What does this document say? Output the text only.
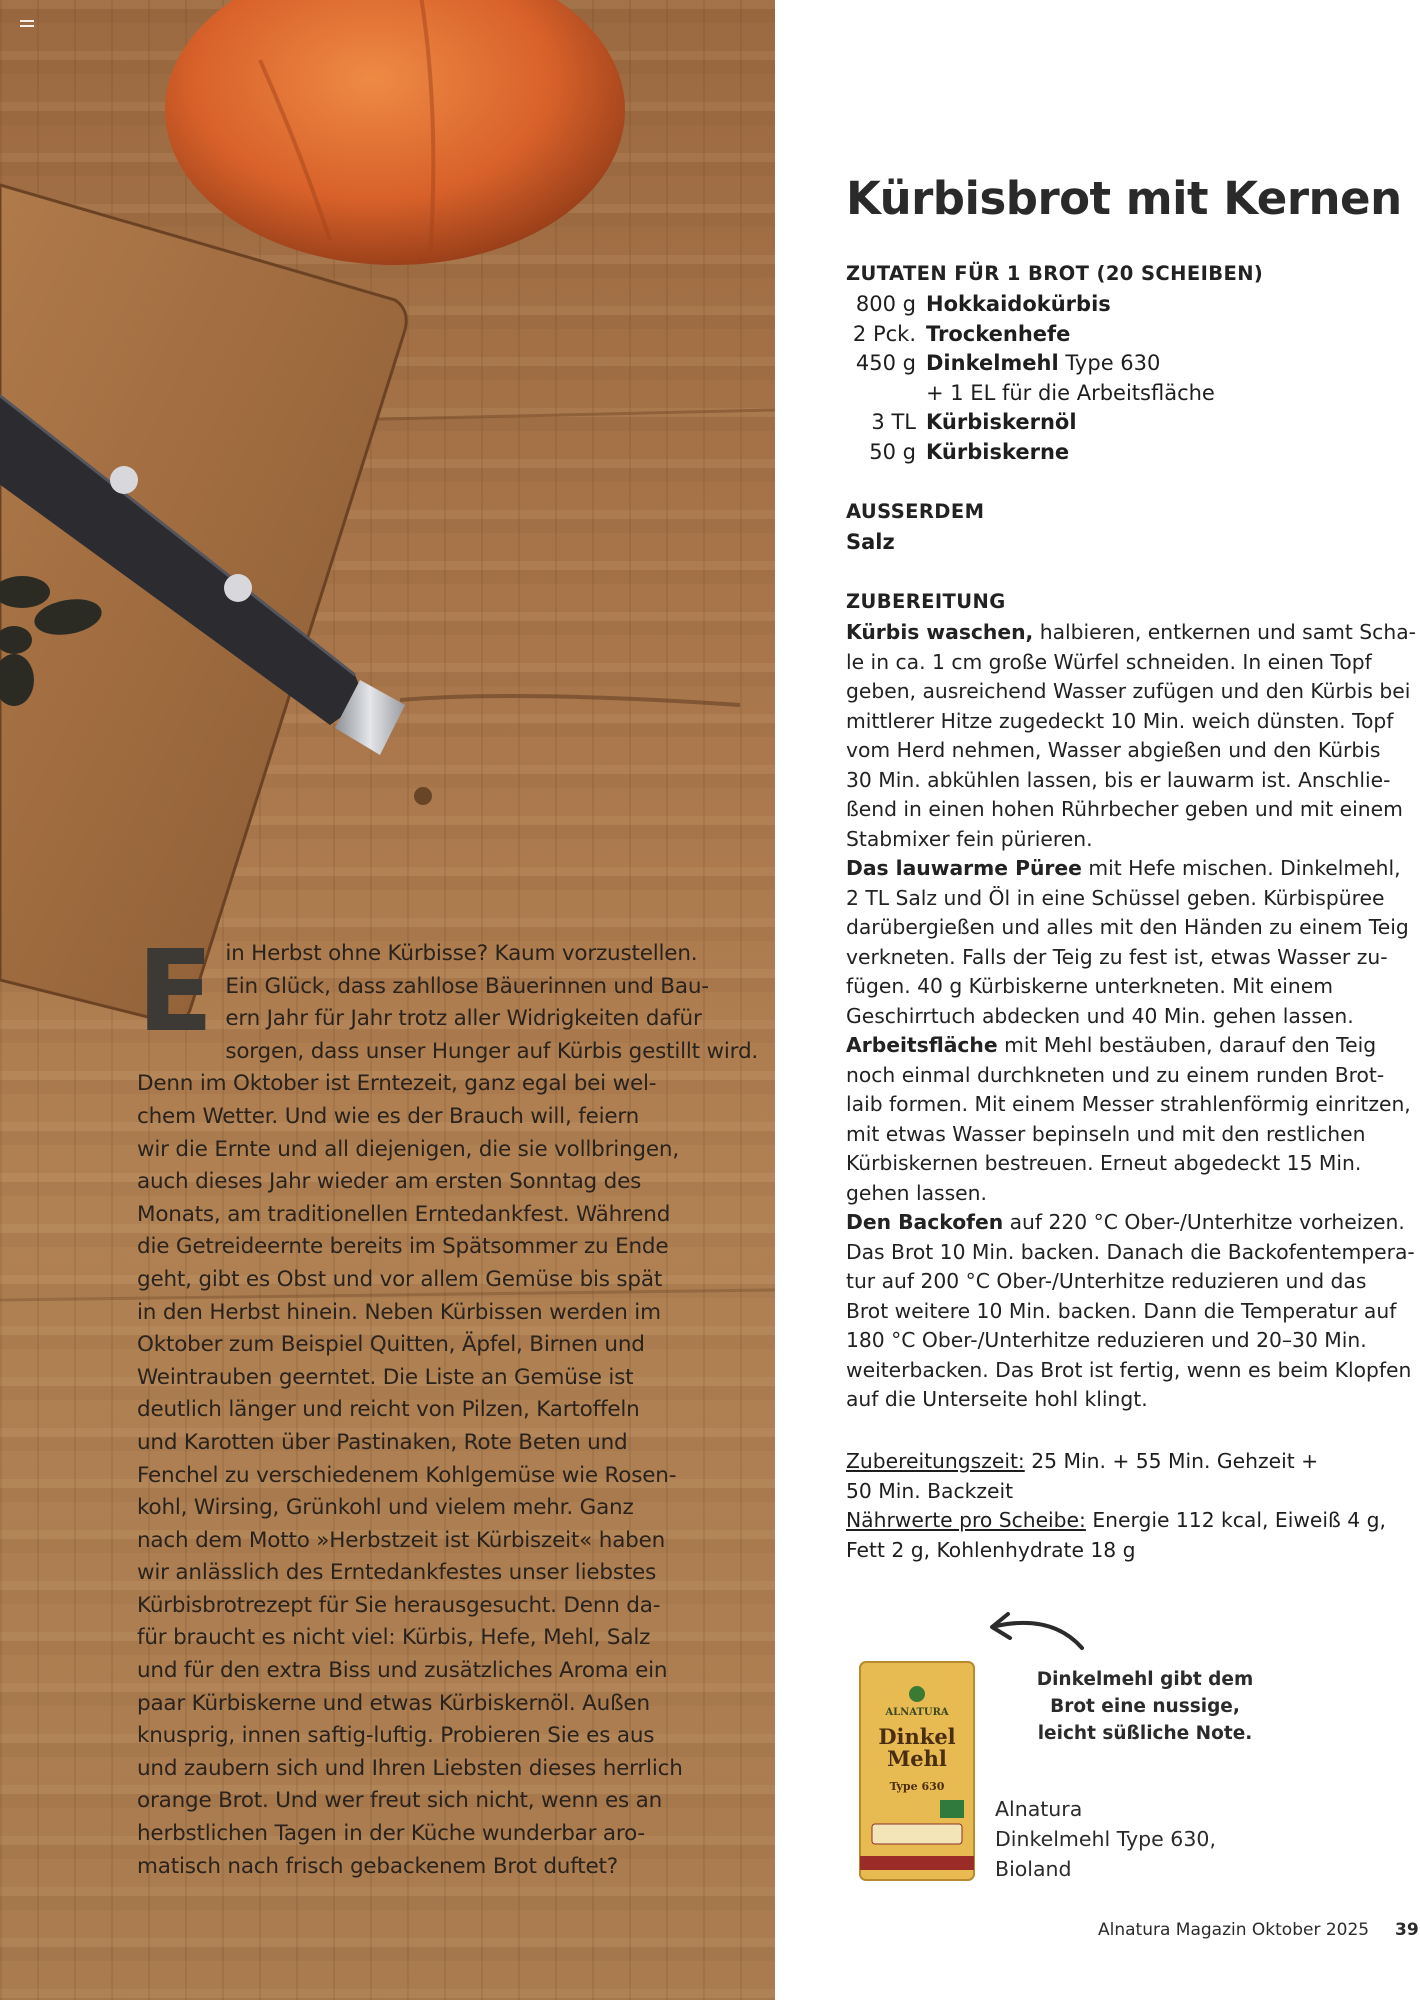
E in Herbst ohne Kürbisse? Kaum vorzustellen.
Ein Glück, dass zahllose Bäuerinnen und Bau-
ern Jahr für Jahr trotz aller Widrigkeiten dafür
sorgen, dass unser Hunger auf Kürbis gestillt wird.
Denn im Oktober ist Erntezeit, ganz egal bei wel-
chem Wetter. Und wie es der Brauch will, feiern
wir die Ernte und all diejenigen, die sie vollbringen,
auch dieses Jahr wieder am ersten Sonntag des
Monats, am traditionellen Erntedankfest. Während
die Getreideernte bereits im Spätsommer zu Ende
geht, gibt es Obst und vor allem Gemüse bis spät
in den Herbst hinein. Neben Kürbissen werden im
Oktober zum Beispiel Quitten, Äpfel, Birnen und
Weintrauben geerntet. Die Liste an Gemüse ist
deutlich länger und reicht von Pilzen, Kartoffeln
und Karotten über Pastinaken, Rote Beten und
Fenchel zu verschiedenem Kohlgemüse wie Rosen-
kohl, Wirsing, Grünkohl und vielem mehr. Ganz
nach dem Motto »Herbstzeit ist Kürbiszeit« haben
wir anlässlich des Erntedankfestes unser liebstes
Kürbisbrotrezept für Sie herausgesucht. Denn da-
für braucht es nicht viel: Kürbis, Hefe, Mehl, Salz
und für den extra Biss und zusätzliches Aroma ein
paar Kürbiskerne und etwas Kürbiskernöl. Außen
knusprig, innen saftig-luftig. Probieren Sie es aus
und zaubern sich und Ihren Liebsten dieses herrlich
orange Brot. Und wer freut sich nicht, wenn es an
herbstlichen Tagen in der Küche wunderbar aro-
matisch nach frisch gebackenem Brot duftet?
Kürbisbrot mit Kernen
ZUTATEN FÜR 1 BROT (20 SCHEIBEN)
800 g Hokkaidokürbis
2 Pck. Trockenhefe
450 g Dinkelmehl Type 630
+ 1 EL für die Arbeitsfläche
3 TL Kürbiskernöl
50 g Kürbiskerne
AUSSERDEM
Salz
ZUBEREITUNG
Kürbis waschen, halbieren, entkernen und samt Scha-
le in ca. 1 cm große Würfel schneiden. In einen Topf
geben, ausreichend Wasser zufügen und den Kürbis bei
mittlerer Hitze zugedeckt 10 Min. weich dünsten. Topf
vom Herd nehmen, Wasser abgießen und den Kürbis
30 Min. abkühlen lassen, bis er lauwarm ist. Anschlie-
ßend in einen hohen Rührbecher geben und mit einem
Stabmixer fein pürieren.
Das lauwarme Püree mit Hefe mischen. Dinkelmehl,
2 TL Salz und Öl in eine Schüssel geben. Kürbispüree
darübergießen und alles mit den Händen zu einem Teig
verkneten. Falls der Teig zu fest ist, etwas Wasser zu-
fügen. 40 g Kürbiskerne unterkneten. Mit einem
Geschirrtuch abdecken und 40 Min. gehen lassen.
Arbeitsfläche mit Mehl bestäuben, darauf den Teig
noch einmal durchkneten und zu einem runden Brot-
laib formen. Mit einem Messer strahlenförmig einritzen,
mit etwas Wasser bepinseln und mit den restlichen
Kürbiskernen bestreuen. Erneut abgedeckt 15 Min.
gehen lassen.
Den Backofen auf 220 °C Ober-/Unterhitze vorheizen.
Das Brot 10 Min. backen. Danach die Backofentempera-
tur auf 200 °C Ober-/Unterhitze reduzieren und das
Brot weitere 10 Min. backen. Dann die Temperatur auf
180 °C Ober-/Unterhitze reduzieren und 20–30 Min.
weiterbacken. Das Brot ist fertig, wenn es beim Klopfen
auf die Unterseite hohl klingt.
Zubereitungszeit: 25 Min. + 55 Min. Gehzeit +
50 Min. Backzeit
Nährwerte pro Scheibe: Energie 112 kcal, Eiweiß 4 g,
Fett 2 g, Kohlenhydrate 18 g
Dinkelmehl gibt dem
Brot eine nussige,
leicht süßliche Note.
ALNATURA
Dinkel
Mehl
Type 630
Alnatura
Dinkelmehl Type 630,
Bioland
Alnatura Magazin Oktober 2025 39
